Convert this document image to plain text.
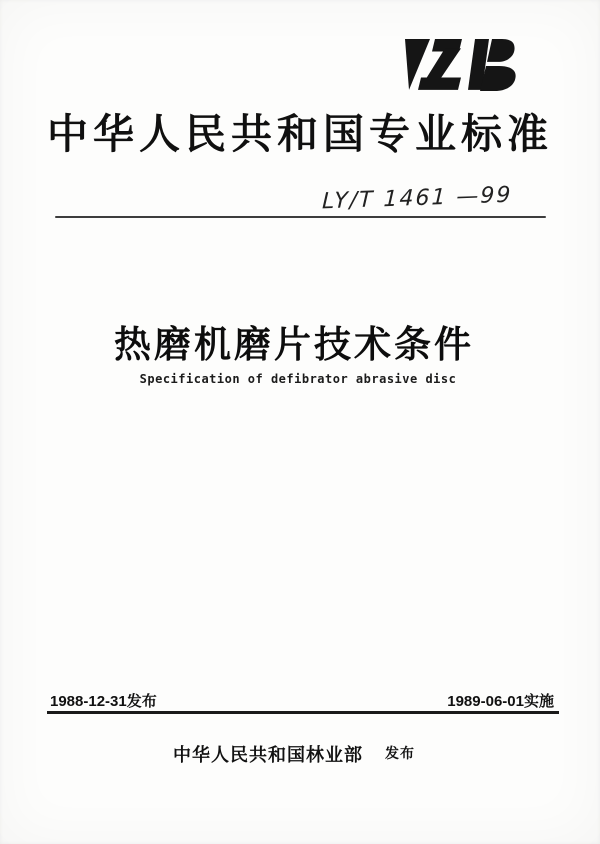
中华人民共和国专业标准
LY/T 1461 —99
热磨机磨片技术条件
Specification of defibrator abrasive disc
1988-12-31发布	1989-06-01实施
中华人民共和国林业部 发布
